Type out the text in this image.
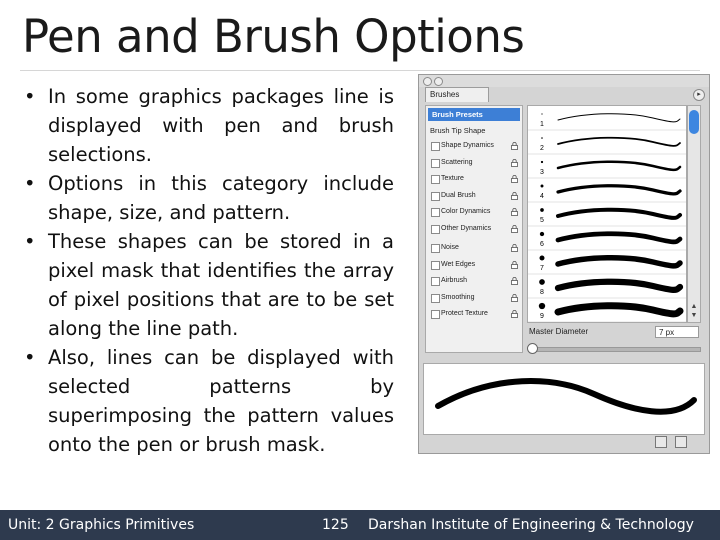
Pen and Brush Options
• In some graphics packages line is displayed with pen and brush selections.
• Options in this category include shape, size, and pattern.
• These shapes can be stored in a pixel mask that identifies the array of pixel positions that are to be set along the line path.
• Also, lines can be displayed with selected patterns by superimposing the pattern values onto the pen or brush mask.
Brushes	▸
Brush Presets
Brush Tip Shape
Shape Dynamics
Scattering
Texture
Dual Brush
Color Dynamics
Other Dynamics
Noise
Wet Edges
Airbrush
Smoothing
Protect Texture
1
2
3
4
5
6
7
8
9
▲
▼
Master Diameter	7 px
Unit: 2 Graphics Primitives	125 Darshan Institute of Engineering & Technology
